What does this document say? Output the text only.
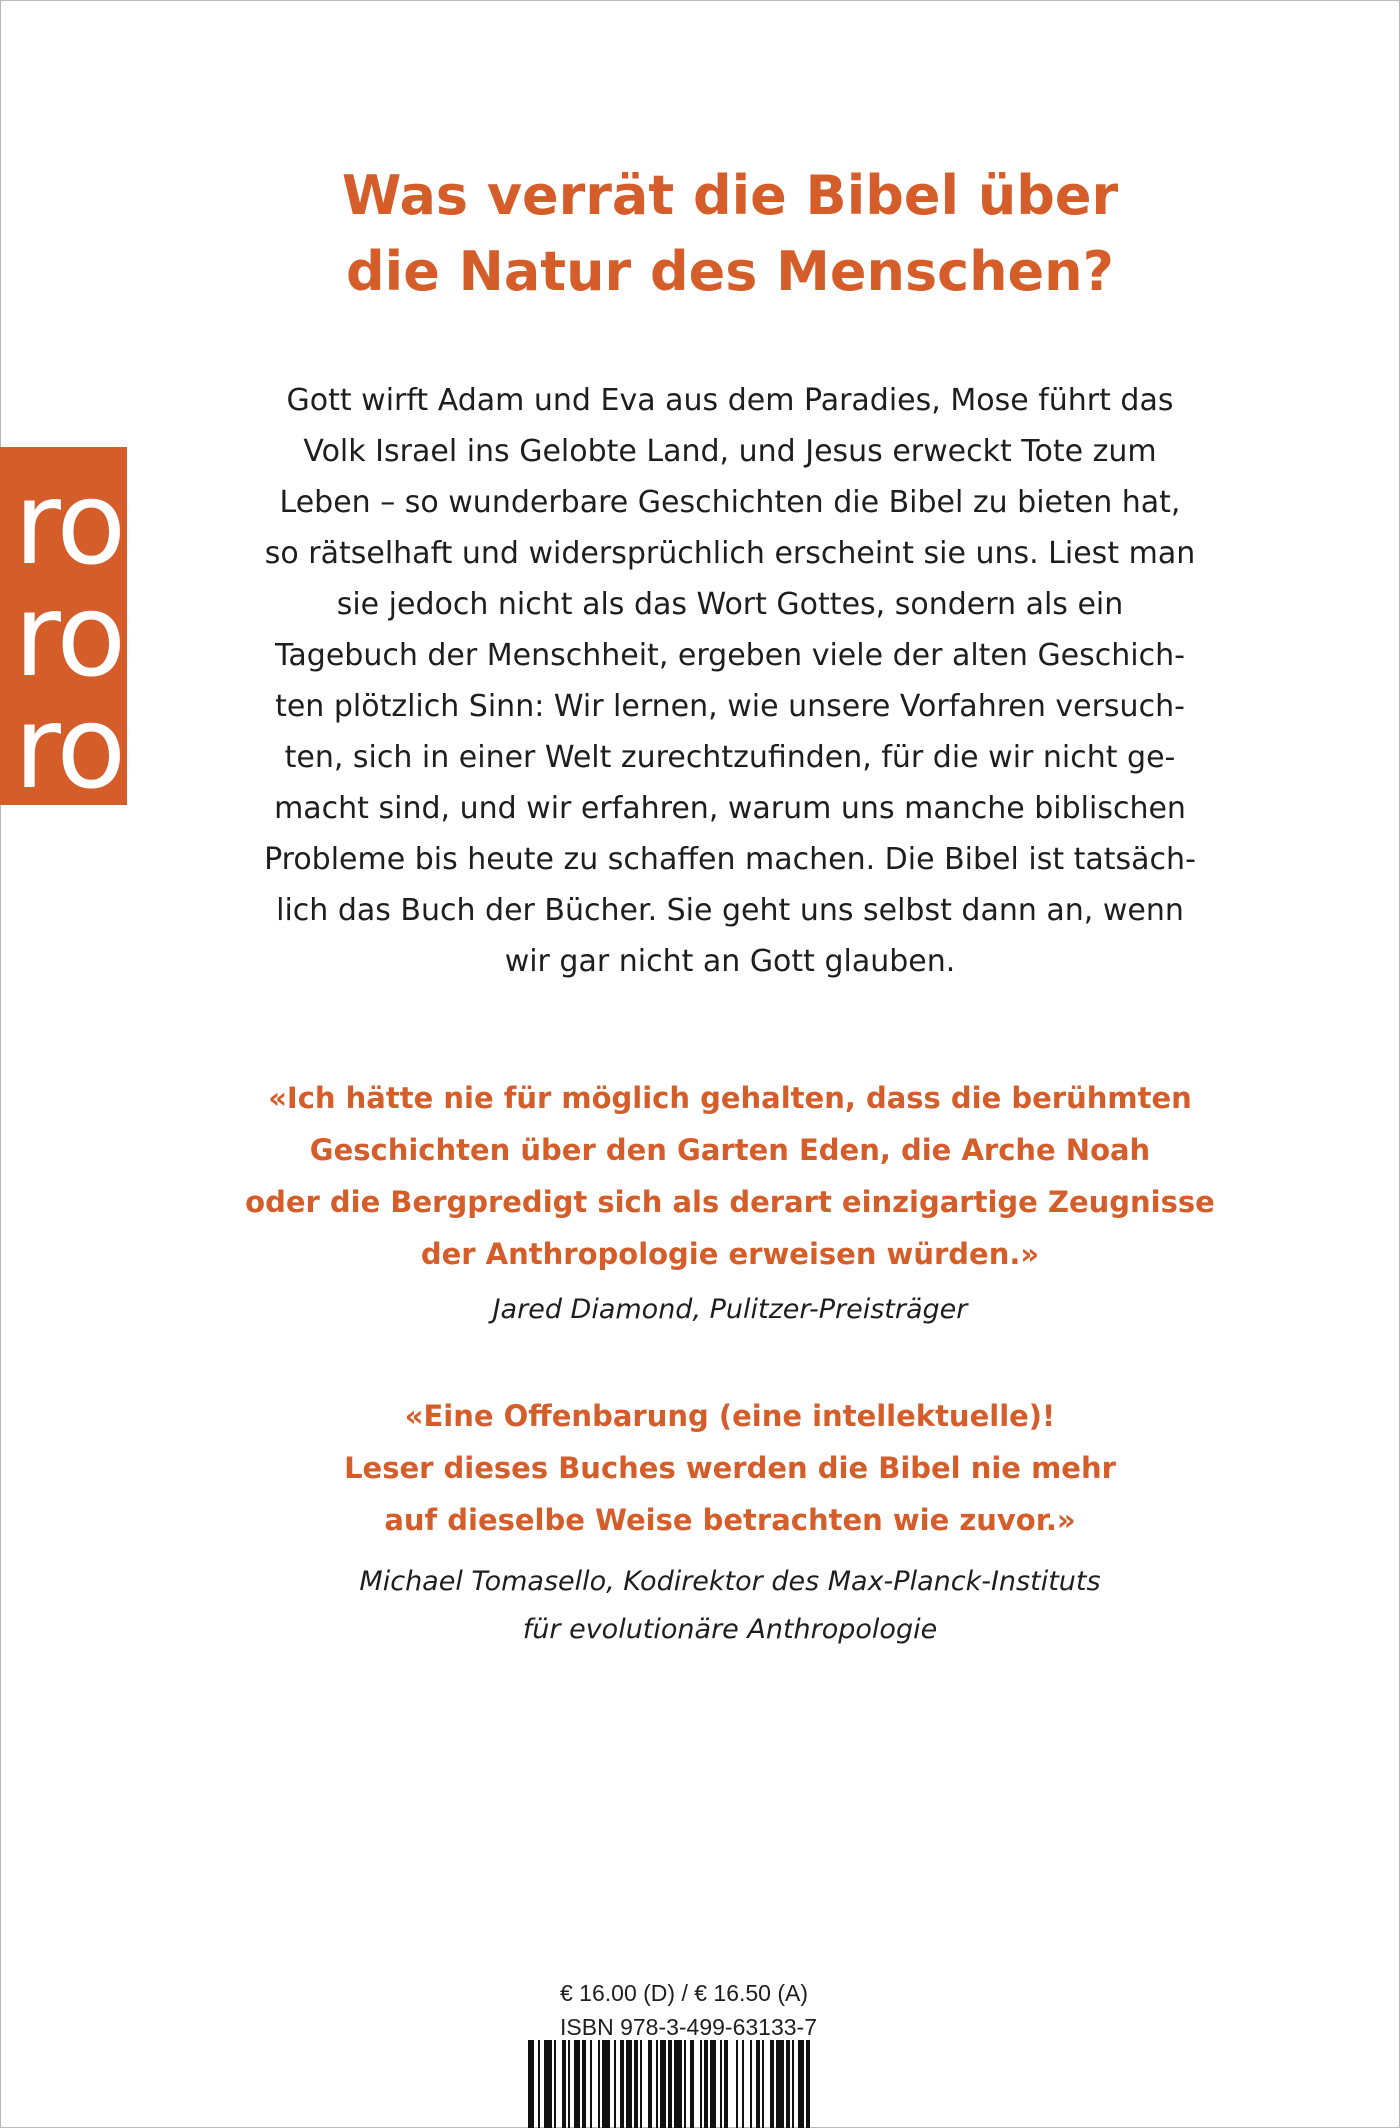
ro
ro
ro
Was verrät die Bibel über
die Natur des Menschen?
Gott wirft Adam und Eva aus dem Paradies, Mose führt das
Volk Israel ins Gelobte Land, und Jesus erweckt Tote zum
Leben – so wunderbare Geschichten die Bibel zu bieten hat,
so rätselhaft und widersprüchlich erscheint sie uns. Liest man
sie jedoch nicht als das Wort Gottes, sondern als ein
Tagebuch der Menschheit, ergeben viele der alten Geschich-
ten plötzlich Sinn: Wir lernen, wie unsere Vorfahren versuch-
ten, sich in einer Welt zurechtzufinden, für die wir nicht ge-
macht sind, und wir erfahren, warum uns manche biblischen
Probleme bis heute zu schaffen machen. Die Bibel ist tatsäch-
lich das Buch der Bücher. Sie geht uns selbst dann an, wenn
wir gar nicht an Gott glauben.
«Ich hätte nie für möglich gehalten, dass die berühmten
Geschichten über den Garten Eden, die Arche Noah
oder die Bergpredigt sich als derart einzigartige Zeugnisse
der Anthropologie erweisen würden.»
Jared Diamond, Pulitzer-Preisträger
«Eine Offenbarung (eine intellektuelle)!
Leser dieses Buches werden die Bibel nie mehr
auf dieselbe Weise betrachten wie zuvor.»
Michael Tomasello, Kodirektor des Max-Planck-Instituts
für evolutionäre Anthropologie
€ 16.00 (D) / € 16.50 (A)
ISBN 978-3-499-63133-7
